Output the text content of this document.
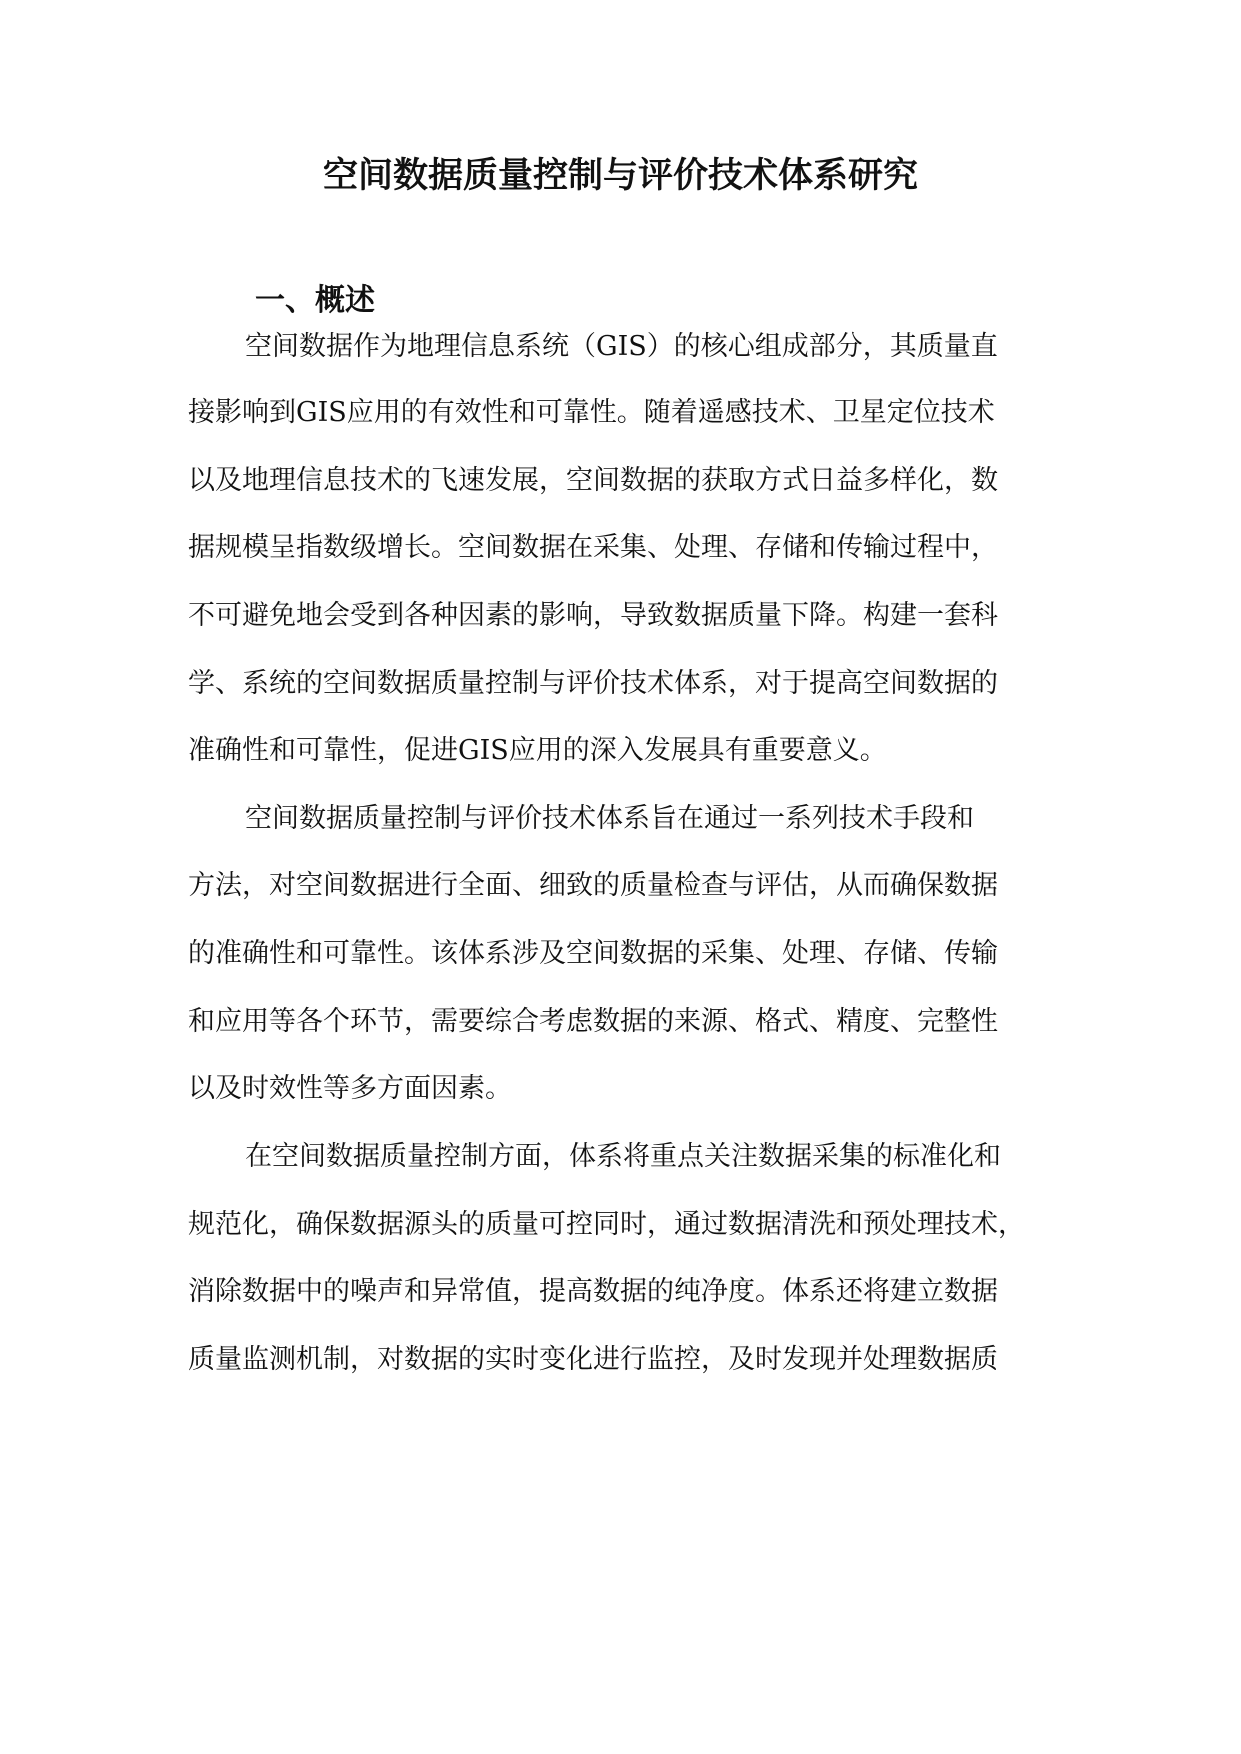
空间数据质量控制与评价技术体系研究
一、概述

空间数据作为地理信息系统（GIS）的核心组成部分，其质量直

接影响到GIS应用的有效性和可靠性。随着遥感技术、卫星定位技术

以及地理信息技术的飞速发展，空间数据的获取方式日益多样化，数

据规模呈指数级增长。空间数据在采集、处理、存储和传输过程中，

不可避免地会受到各种因素的影响，导致数据质量下降。构建一套科

学、系统的空间数据质量控制与评价技术体系，对于提高空间数据的

准确性和可靠性，促进GIS应用的深入发展具有重要意义。

空间数据质量控制与评价技术体系旨在通过一系列技术手段和

方法，对空间数据进行全面、细致的质量检查与评估，从而确保数据

的准确性和可靠性。该体系涉及空间数据的采集、处理、存储、传输

和应用等各个环节，需要综合考虑数据的来源、格式、精度、完整性

以及时效性等多方面因素。

在空间数据质量控制方面，体系将重点关注数据采集的标准化和

规范化，确保数据源头的质量可控同时，通过数据清洗和预处理技术，

消除数据中的噪声和异常值，提高数据的纯净度。体系还将建立数据

质量监测机制，对数据的实时变化进行监控，及时发现并处理数据质
